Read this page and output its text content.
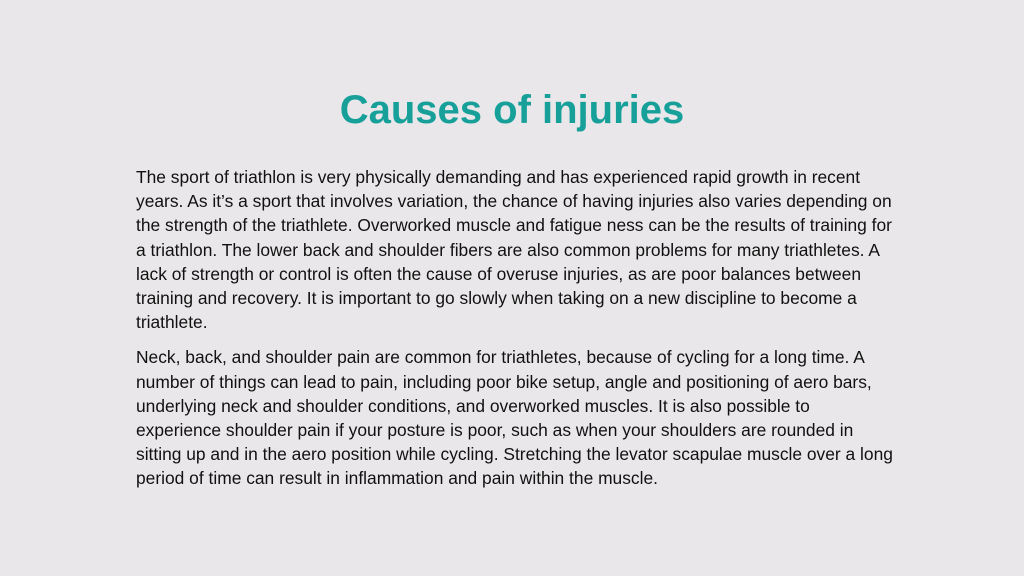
Causes of injuries

The sport of triathlon is very physically demanding and has experienced rapid growth in recent years. As it’s a sport that involves variation, the chance of having injuries also varies depending on the strength of the triathlete. Overworked muscle and fatigue ness can be the results of training for a triathlon. The lower back and shoulder fibers are also common problems for many triathletes. A lack of strength or control is often the cause of overuse injuries, as are poor balances between training and recovery. It is important to go slowly when taking on a new discipline to become a triathlete.

Neck, back, and shoulder pain are common for triathletes, because of cycling for a long time. A number of things can lead to pain, including poor bike setup, angle and positioning of aero bars, underlying neck and shoulder conditions, and overworked muscles. It is also possible to experience shoulder pain if your posture is poor, such as when your shoulders are rounded in sitting up and in the aero position while cycling. Stretching the levator scapulae muscle over a long period of time can result in inflammation and pain within the muscle.
